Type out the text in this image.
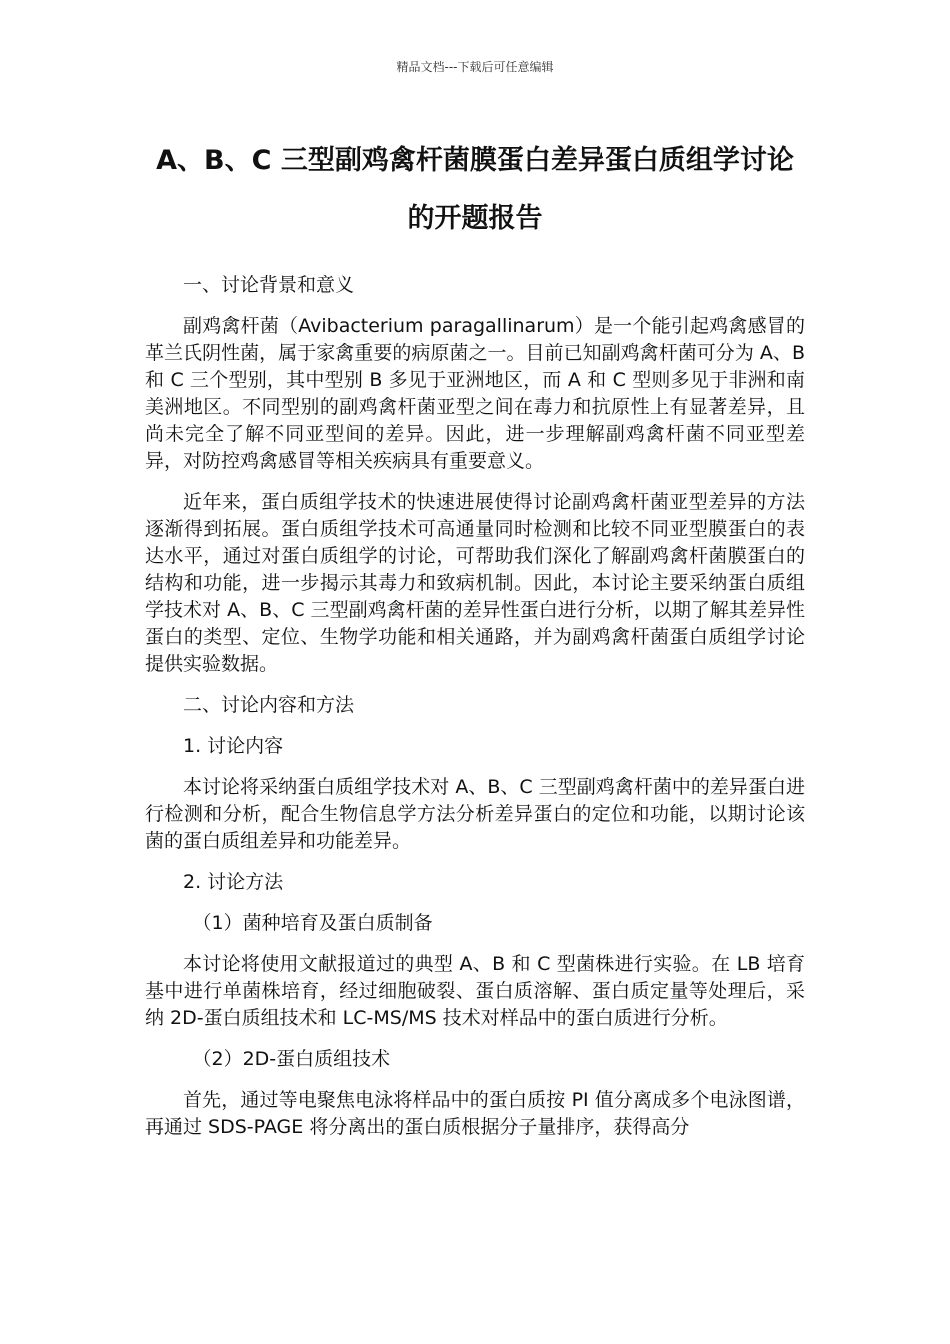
精品文档---下载后可任意编辑
A、B、C 三型副鸡禽杆菌膜蛋白差异蛋白质组学讨论的开题报告

一、讨论背景和意义

副鸡禽杆菌（Avibacterium paragallinarum）是一个能引起鸡禽感冒的革兰氏阴性菌，属于家禽重要的病原菌之一。目前已知副鸡禽杆菌可分为 A、B 和 C 三个型别，其中型别 B 多见于亚洲地区，而 A 和 C 型则多见于非洲和南美洲地区。不同型别的副鸡禽杆菌亚型之间在毒力和抗原性上有显著差异，且尚未完全了解不同亚型间的差异。因此，进一步理解副鸡禽杆菌不同亚型差异，对防控鸡禽感冒等相关疾病具有重要意义。

近年来，蛋白质组学技术的快速进展使得讨论副鸡禽杆菌亚型差异的方法逐渐得到拓展。蛋白质组学技术可高通量同时检测和比较不同亚型膜蛋白的表达水平，通过对蛋白质组学的讨论，可帮助我们深化了解副鸡禽杆菌膜蛋白的结构和功能，进一步揭示其毒力和致病机制。因此，本讨论主要采纳蛋白质组学技术对 A、B、C 三型副鸡禽杆菌的差异性蛋白进行分析，以期了解其差异性蛋白的类型、定位、生物学功能和相关通路，并为副鸡禽杆菌蛋白质组学讨论提供实验数据。

二、讨论内容和方法

1. 讨论内容

本讨论将采纳蛋白质组学技术对 A、B、C 三型副鸡禽杆菌中的差异蛋白进行检测和分析，配合生物信息学方法分析差异蛋白的定位和功能，以期讨论该菌的蛋白质组差异和功能差异。

2. 讨论方法

（1）菌种培育及蛋白质制备

本讨论将使用文献报道过的典型 A、B 和 C 型菌株进行实验。在 LB 培育基中进行单菌株培育，经过细胞破裂、蛋白质溶解、蛋白质定量等处理后，采纳 2D-蛋白质组技术和 LC-MS/MS 技术对样品中的蛋白质进行分析。

（2）2D-蛋白质组技术

首先，通过等电聚焦电泳将样品中的蛋白质按 PI 值分离成多个电泳图谱，再通过 SDS-PAGE 将分离出的蛋白质根据分子量排序，获得高分
